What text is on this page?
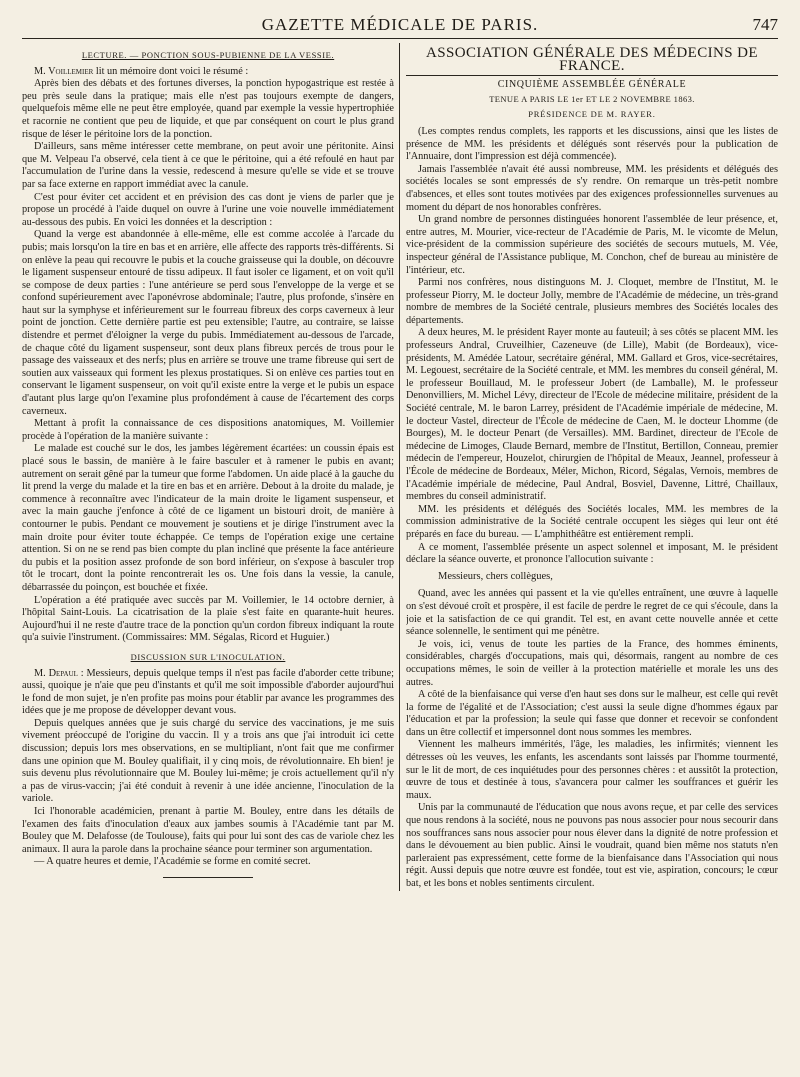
GAZETTE MÉDICALE DE PARIS.	747

LECTURE. — PONCTION SOUS-PUBIENNE DE LA VESSIE.

M. Voillemier lit un mémoire dont voici le résumé :

Après bien des débats et des fortunes diverses, la ponction hypogastrique est restée à peu près seule dans la pratique; mais elle n'est pas toujours exempte de dangers, quelquefois même elle ne peut être employée, quand par exemple la vessie hypertrophiée et racornie ne contient que peu de liquide, et que par conséquent on court le plus grand risque de léser le péritoine lors de la ponction.

D'ailleurs, sans même intéresser cette membrane, on peut avoir une péritonite. Ainsi que M. Velpeau l'a observé, cela tient à ce que le péritoine, qui a été refoulé en haut par l'accumulation de l'urine dans la vessie, redescend à mesure qu'elle se vide et se trouve par sa face externe en rapport immédiat avec la canule.

C'est pour éviter cet accident et en prévision des cas dont je viens de parler que je propose un procédé à l'aide duquel on ouvre à l'urine une voie nouvelle immédiatement au-dessous des pubis. En voici les données et la description :

Quand la verge est abandonnée à elle-même, elle est comme accolée à l'arcade du pubis; mais lorsqu'on la tire en bas et en arrière, elle affecte des rapports très-différents. Si on enlève la peau qui recouvre le pubis et la couche graisseuse qui la double, on découvre le ligament suspenseur entouré de tissu adipeux. Il faut isoler ce ligament, et on voit qu'il se compose de deux parties : l'une antérieure se perd sous l'enveloppe de la verge et se confond supérieurement avec l'aponévrose abdominale; l'autre, plus profonde, s'insère en haut sur la symphyse et inférieurement sur le fourreau fibreux des corps caverneux à leur point de jonction. Cette dernière partie est peu extensible; l'autre, au contraire, se laisse distendre et permet d'éloigner la verge du pubis. Immédiatement au-dessous de l'arcade, de chaque côté du ligament suspenseur, sont deux plans fibreux percés de trous pour le passage des vaisseaux et des nerfs; plus en arrière se trouve une trame fibreuse qui sert de soutien aux vaisseaux qui forment les plexus prostatiques. Si on enlève ces parties tout en conservant le ligament suspenseur, on voit qu'il existe entre la verge et le pubis un espace d'autant plus large qu'on l'examine plus profondément à cause de l'écartement des corps caverneux.

Mettant à profit la connaissance de ces dispositions anatomiques, M. Voillemier procède à l'opération de la manière suivante :

Le malade est couché sur le dos, les jambes légèrement écartées: un coussin épais est placé sous le bassin, de manière à le faire basculer et à ramener le pubis en avant; autrement on serait gêné par la tumeur que forme l'abdomen. Un aide placé à la gauche du lit prend la verge du malade et la tire en bas et en arrière. Debout à la droite du malade, je commence à reconnaître avec l'indicateur de la main droite le ligament suspenseur, et avec la main gauche j'enfonce à côté de ce ligament un bistouri droit, de manière à contourner le pubis. Pendant ce mouvement je soutiens et je dirige l'instrument avec la main droite pour éviter toute échappée. Ce temps de l'opération exige une certaine attention. Si on ne se rend pas bien compte du plan incliné que présente la face antérieure du pubis et la position assez profonde de son bord inférieur, on s'expose à basculer trop tôt le trocart, dont la pointe rencontrerait les os. Une fois dans la vessie, la canule, débarrassée du poinçon, est bouchée et fixée.

L'opération a été pratiquée avec succès par M. Voillemier, le 14 octobre dernier, à l'hôpital Saint-Louis. La cicatrisation de la plaie s'est faite en quarante-huit heures. Aujourd'hui il ne reste d'autre trace de la ponction qu'un cordon fibreux indiquant la route qu'a suivie l'instrument. (Commissaires: MM. Ségalas, Ricord et Huguier.)

DISCUSSION SUR L'INOCULATION.

M. Depaul : Messieurs, depuis quelque temps il n'est pas facile d'aborder cette tribune; aussi, quoique je n'aie que peu d'instants et qu'il me soit impossible d'aborder aujourd'hui le fond de mon sujet, je n'en profite pas moins pour établir par avance les programmes des idées que je me propose de développer devant vous.

Depuis quelques années que je suis chargé du service des vaccinations, je me suis vivement préoccupé de l'origine du vaccin. Il y a trois ans que j'ai introduit ici cette discussion; depuis lors mes observations, en se multipliant, n'ont fait que me confirmer dans une opinion que M. Bouley qualifiait, il y cinq mois, de révolutionnaire. Eh bien! je suis devenu plus révolutionnaire que M. Bouley lui-même; je crois actuellement qu'il n'y a pas de virus-vaccin; j'ai été conduit à revenir à une idée ancienne, l'inoculation de la variole.

Ici l'honorable académicien, prenant à partie M. Bouley, entre dans les détails de l'examen des faits d'inoculation d'eaux aux jambes soumis à l'Académie tant par M. Bouley que M. Delafosse (de Toulouse), faits qui pour lui sont des cas de variole chez les animaux. Il aura la parole dans la prochaine séance pour terminer son argumentation.

— A quatre heures et demie, l'Académie se forme en comité secret.

ASSOCIATION GÉNÉRALE DES MÉDECINS DE FRANCE.

CINQUIÈME ASSEMBLÉE GÉNÉRALE

TENUE A PARIS LE 1er ET LE 2 NOVEMBRE 1863.

PRÉSIDENCE DE M. RAYER.

(Les comptes rendus complets, les rapports et les discussions, ainsi que les listes de présence de MM. les présidents et délégués sont réservés pour la publication de l'Annuaire, dont l'impression est déjà commencée).

Jamais l'assemblée n'avait été aussi nombreuse, MM. les présidents et délégués des sociétés locales se sont empressés de s'y rendre. On remarque un très-petit nombre d'absences, et elles sont toutes motivées par des exigences professionnelles survenues au moment du départ de nos honorables confrères.

Un grand nombre de personnes distinguées honorent l'assemblée de leur présence, et, entre autres, M. Mourier, vice-recteur de l'Académie de Paris, M. le vicomte de Melun, vice-président de la commission supérieure des sociétés de secours mutuels, M. Vée, inspecteur général de l'Assistance publique, M. Conchon, chef de bureau au ministère de l'intérieur, etc.

Parmi nos confrères, nous distinguons M. J. Cloquet, membre de l'Institut, M. le professeur Piorry, M. le docteur Jolly, membre de l'Académie de médecine, un très-grand nombre de membres de la Société centrale, plusieurs membres des Sociétés locales des départements.

A deux heures, M. le président Rayer monte au fauteuil; à ses côtés se placent MM. les professeurs Andral, Cruveilhier, Cazeneuve (de Lille), Mabit (de Bordeaux), vice-présidents, M. Amédée Latour, secrétaire général, MM. Gallard et Gros, vice-secrétaires, M. Legouest, secrétaire de la Société centrale, et MM. les membres du conseil général, M. le professeur Bouillaud, M. le professeur Jobert (de Lamballe), M. le professeur Denonvilliers, M. Michel Lévy, directeur de l'Ecole de médecine militaire, président de la Société centrale, M. le baron Larrey, président de l'Académie impériale de médecine, M. le docteur Vastel, directeur de l'École de médecine de Caen, M. le docteur Lhomme (de Bourges), M. le docteur Penart (de Versailles). MM. Bardinet, directeur de l'Ecole de médecine de Limoges, Claude Bernard, membre de l'Institut, Bertillon, Conneau, premier médecin de l'empereur, Houzelot, chirurgien de l'hôpital de Meaux, Jeannel, professeur à l'École de médecine de Bordeaux, Méler, Michon, Ricord, Ségalas, Vernois, membres de l'Académie impériale de médecine, Paul Andral, Bosviel, Davenne, Littré, Chaillaux, membres du conseil administratif.

MM. les présidents et délégués des Sociétés locales, MM. les membres de la commission administrative de la Société centrale occupent les sièges qui leur ont été préparés en face du bureau. — L'amphithéâtre est entièrement rempli.

A ce moment, l'assemblée présente un aspect solennel et imposant, M. le président déclare la séance ouverte, et prononce l'allocution suivante :

Messieurs, chers collègues,

Quand, avec les années qui passent et la vie qu'elles entraînent, une œuvre à laquelle on s'est dévoué croît et prospère, il est facile de perdre le regret de ce qui s'écoule, dans la joie et la satisfaction de ce qui grandit. Tel est, en avant cette nouvelle année et cette séance solennelle, le sentiment qui me pénètre.

Je vois, ici, venus de toute les parties de la France, des hommes éminents, considérables, chargés d'occupations, mais qui, désormais, rangent au nombre de ces occupations mêmes, le soin de veiller à la protection matérielle et morale les uns des autres.

A côté de la bienfaisance qui verse d'en haut ses dons sur le malheur, est celle qui revêt la forme de l'égalité et de l'Association; c'est aussi la seule digne d'hommes égaux par l'éducation et par la profession; la seule qui fasse que donner et recevoir se confondent dans un être collectif et impersonnel dont nous sommes les membres.

Viennent les malheurs immérités, l'âge, les maladies, les infirmités; viennent les détresses où les veuves, les enfants, les ascendants sont laissés par l'homme tourmenté, sur le lit de mort, de ces inquiétudes pour des personnes chères : et aussitôt la protection, œuvre de tous et destinée à tous, s'avancera pour calmer les souffrances et guérir les maux.

Unis par la communauté de l'éducation que nous avons reçue, et par celle des services que nous rendons à la société, nous ne pouvons pas nous associer pour nous secourir dans nos souffrances sans nous associer pour nous élever dans la dignité de notre profession et dans le dévouement au bien public. Ainsi le voudrait, quand bien même nos statuts n'en parleraient pas expressément, cette forme de la bienfaisance dans l'Association qui nous régit. Aussi depuis que notre œuvre est fondée, tout est vie, aspiration, concours; le cœur bat, et les bons et nobles sentiments circulent.
